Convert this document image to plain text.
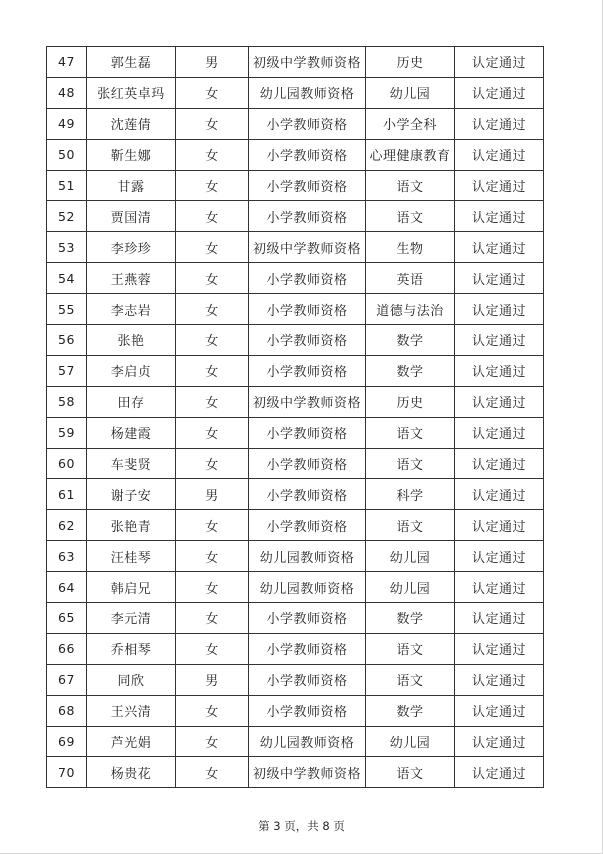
47	郭生磊	男	初级中学教师资格	历史	认定通过
48	张红英卓玛	女	幼儿园教师资格	幼儿园	认定通过
49	沈莲倩	女	小学教师资格	小学全科	认定通过
50	靳生娜	女	小学教师资格	心理健康教育	认定通过
51	甘露	女	小学教师资格	语文	认定通过
52	贾国清	女	小学教师资格	语文	认定通过
53	李珍珍	女	初级中学教师资格	生物	认定通过
54	王燕蓉	女	小学教师资格	英语	认定通过
55	李志岩	女	小学教师资格	道德与法治	认定通过
56	张艳	女	小学教师资格	数学	认定通过
57	李启贞	女	小学教师资格	数学	认定通过
58	田存	女	初级中学教师资格	历史	认定通过
59	杨建霞	女	小学教师资格	语文	认定通过
60	车斐贤	女	小学教师资格	语文	认定通过
61	谢子安	男	小学教师资格	科学	认定通过
62	张艳青	女	小学教师资格	语文	认定通过
63	汪桂琴	女	幼儿园教师资格	幼儿园	认定通过
64	韩启兄	女	幼儿园教师资格	幼儿园	认定通过
65	李元清	女	小学教师资格	数学	认定通过
66	乔相琴	女	小学教师资格	语文	认定通过
67	同欣	男	小学教师资格	语文	认定通过
68	王兴清	女	小学教师资格	数学	认定通过
69	芦光娟	女	幼儿园教师资格	幼儿园	认定通过
70	杨贵花	女	初级中学教师资格	语文	认定通过
第 3 页，共 8 页
